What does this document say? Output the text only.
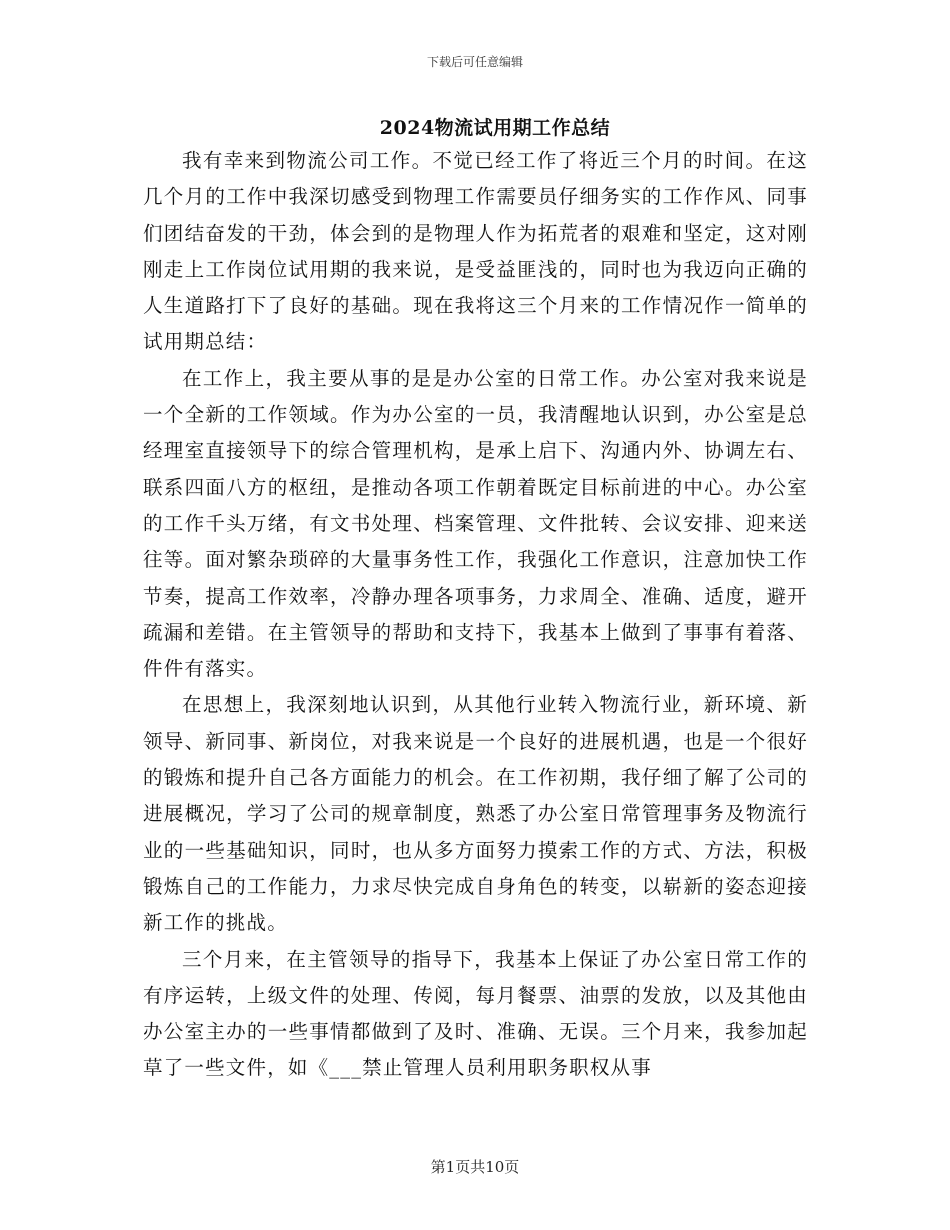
下载后可任意编辑
2024物流试用期工作总结

我有幸来到物流公司工作。不觉已经工作了将近三个月的时间。在这几个月的工作中我深切感受到物理工作需要员仔细务实的工作作风、同事们团结奋发的干劲，体会到的是物理人作为拓荒者的艰难和坚定，这对刚刚走上工作岗位试用期的我来说，是受益匪浅的，同时也为我迈向正确的人生道路打下了良好的基础。现在我将这三个月来的工作情况作一简单的试用期总结：

在工作上，我主要从事的是是办公室的日常工作。办公室对我来说是一个全新的工作领域。作为办公室的一员，我清醒地认识到，办公室是总经理室直接领导下的综合管理机构，是承上启下、沟通内外、协调左右、联系四面八方的枢纽，是推动各项工作朝着既定目标前进的中心。办公室的工作千头万绪，有文书处理、档案管理、文件批转、会议安排、迎来送往等。面对繁杂琐碎的大量事务性工作，我强化工作意识，注意加快工作节奏，提高工作效率，冷静办理各项事务，力求周全、准确、适度，避开疏漏和差错。在主管领导的帮助和支持下，我基本上做到了事事有着落、件件有落实。

在思想上，我深刻地认识到，从其他行业转入物流行业，新环境、新领导、新同事、新岗位，对我来说是一个良好的进展机遇，也是一个很好的锻炼和提升自己各方面能力的机会。在工作初期，我仔细了解了公司的进展概况，学习了公司的规章制度，熟悉了办公室日常管理事务及物流行业的一些基础知识，同时，也从多方面努力摸索工作的方式、方法，积极锻炼自己的工作能力，力求尽快完成自身角色的转变，以崭新的姿态迎接新工作的挑战。

三个月来，在主管领导的指导下，我基本上保证了办公室日常工作的有序运转，上级文件的处理、传阅，每月餐票、油票的发放，以及其他由办公室主办的一些事情都做到了及时、准确、无误。三个月来，我参加起草了一些文件，如《___禁止管理人员利用职务职权从事

第1页共10页
